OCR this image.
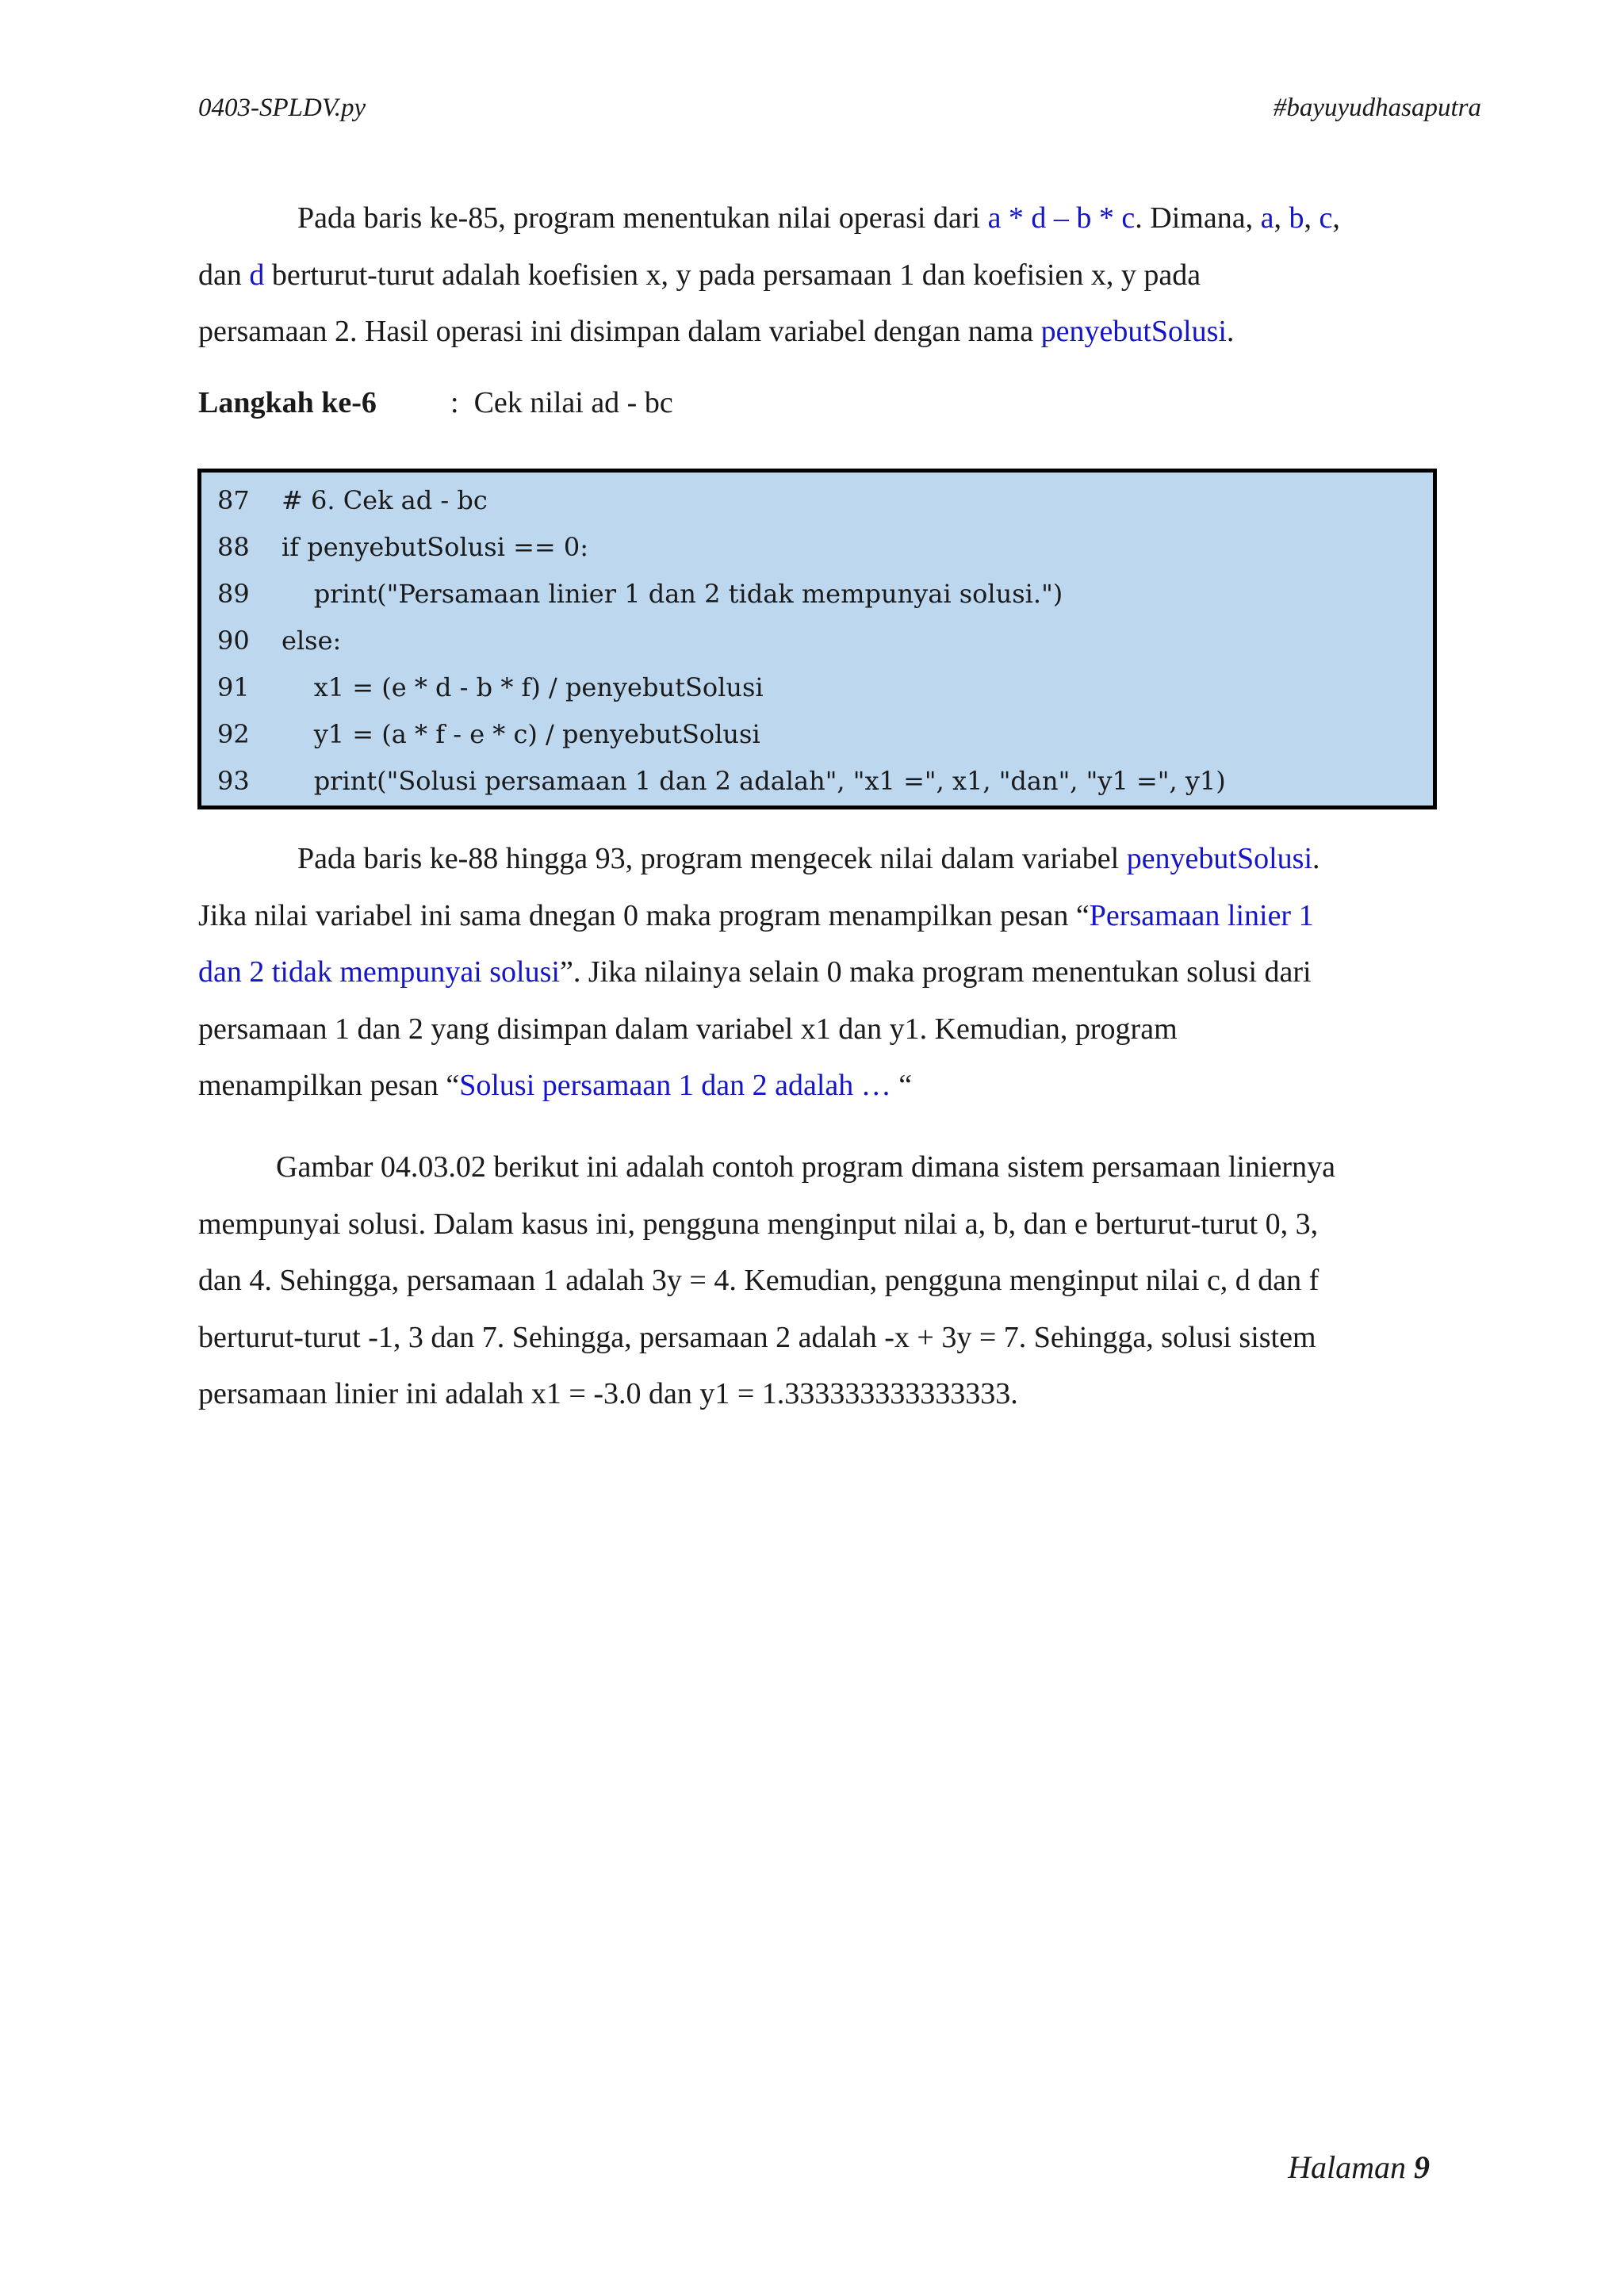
0403-SPLDV.py	#bayuyudhasaputra

Pada baris ke-85, program menentukan nilai operasi dari a * d – b * c. Dimana, a, b, c,
dan d berturut-turut adalah koefisien x, y pada persamaan 1 dan koefisien x, y pada
persamaan 2. Hasil operasi ini disimpan dalam variabel dengan nama penyebutSolusi.

Langkah ke-6 : Cek nilai ad - bc
87 # 6. Cek ad - bc
88 if penyebutSolusi == 0:
89 print("Persamaan linier 1 dan 2 tidak mempunyai solusi.")
90 else:
91 x1 = (e * d - b * f) / penyebutSolusi
92 y1 = (a * f - e * c) / penyebutSolusi
93 print("Solusi persamaan 1 dan 2 adalah", "x1 =", x1, "dan", "y1 =", y1)

Pada baris ke-88 hingga 93, program mengecek nilai dalam variabel penyebutSolusi.
Jika nilai variabel ini sama dnegan 0 maka program menampilkan pesan “Persamaan linier 1
dan 2 tidak mempunyai solusi”. Jika nilainya selain 0 maka program menentukan solusi dari
persamaan 1 dan 2 yang disimpan dalam variabel x1 dan y1. Kemudian, program
menampilkan pesan “Solusi persamaan 1 dan 2 adalah … “

Gambar 04.03.02 berikut ini adalah contoh program dimana sistem persamaan liniernya
mempunyai solusi. Dalam kasus ini, pengguna menginput nilai a, b, dan e berturut-turut 0, 3,
dan 4. Sehingga, persamaan 1 adalah 3y = 4. Kemudian, pengguna menginput nilai c, d dan f
berturut-turut -1, 3 dan 7. Sehingga, persamaan 2 adalah -x + 3y = 7. Sehingga, solusi sistem
persamaan linier ini adalah x1 = -3.0 dan y1 = 1.333333333333333.

Halaman 9
